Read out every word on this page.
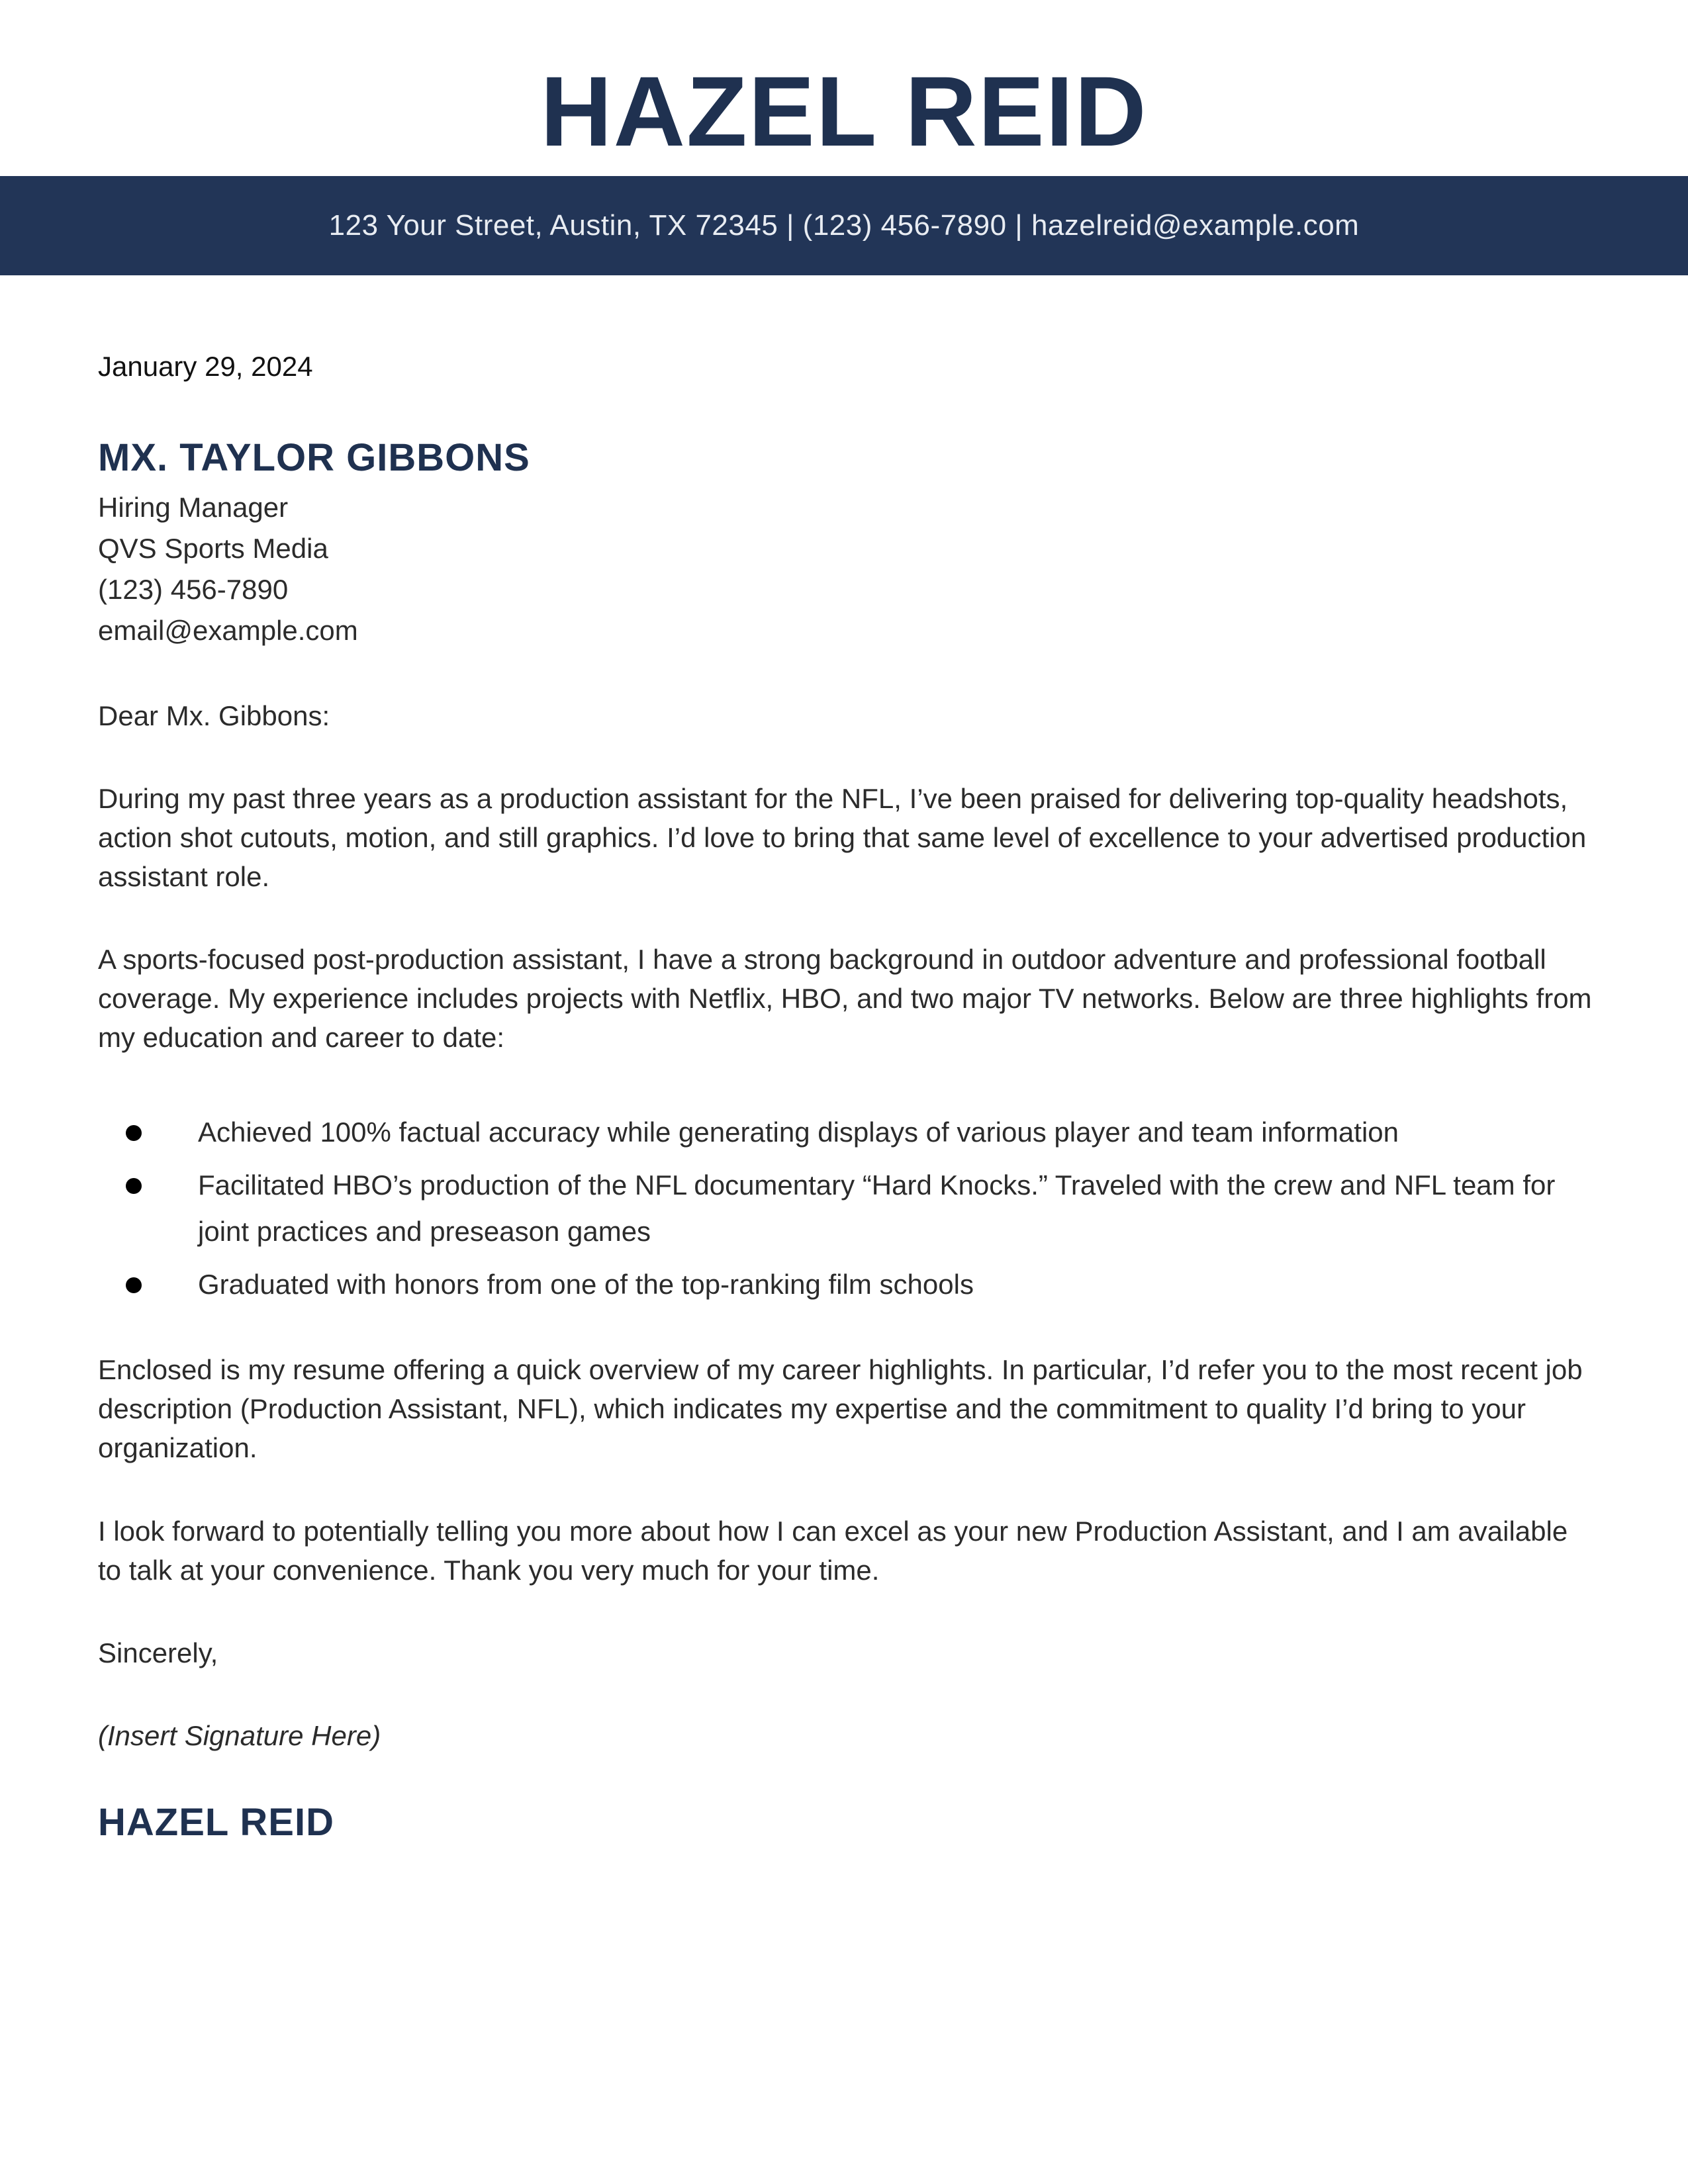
HAZEL REID
123 Your Street, Austin, TX 72345 | (123) 456-7890 | hazelreid@example.com
January 29, 2024
MX. TAYLOR GIBBONS
Hiring Manager
QVS Sports Media
(123) 456-7890
email@example.com
Dear Mx. Gibbons:

During my past three years as a production assistant for the NFL, I’ve been praised for delivering top-quality headshots, action shot cutouts, motion, and still graphics. I’d love to bring that same level of excellence to your advertised production assistant role.

A sports-focused post-production assistant, I have a strong background in outdoor adventure and professional football coverage. My experience includes projects with Netflix, HBO, and two major TV networks. Below are three highlights from my education and career to date:

Achieved 100% factual accuracy while generating displays of various player and team information
Facilitated HBO’s production of the NFL documentary “Hard Knocks.” Traveled with the crew and NFL team for joint practices and preseason games
Graduated with honors from one of the top-ranking film schools

Enclosed is my resume offering a quick overview of my career highlights. In particular, I’d refer you to the most recent job description (Production Assistant, NFL), which indicates my expertise and the commitment to quality I’d bring to your organization.

I look forward to potentially telling you more about how I can excel as your new Production Assistant, and I am available to talk at your convenience. Thank you very much for your time.

Sincerely,
(Insert Signature Here)
HAZEL REID
